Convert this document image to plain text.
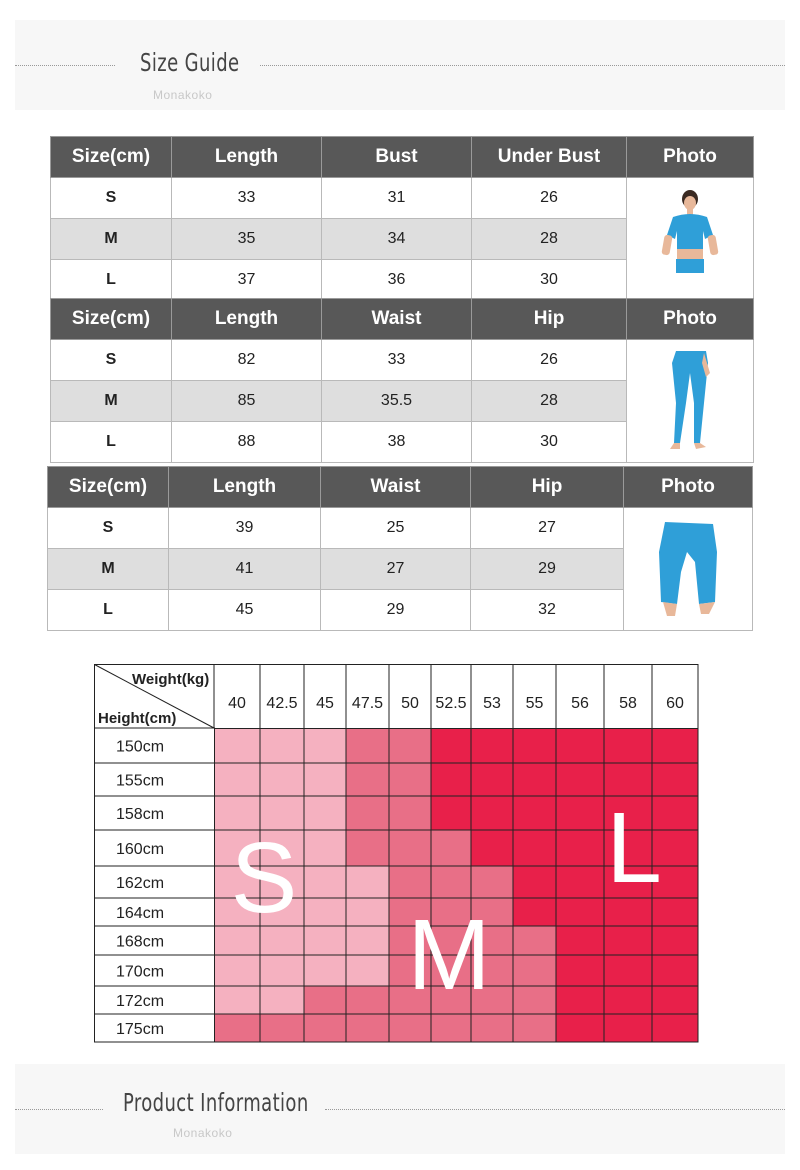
Size Guide
Monakoko
Size(cm)	Length	Bust	Under Bust	Photo
S	33	31	26	
M	35	34	28	
L	37	36	30	
Size(cm)	Length	Waist	Hip	Photo
S	82	33	26	
M	85	35.5	28	
L	88	38	30	
Size(cm)	Length	Waist	Hip	Photo
S	39	25	27	
M	41	27	29	
L	45	29	32	
40 42.5 45 47.5 50 52.5 53 55 56 58 60
150cm
155cm
158cm
160cm
162cm
164cm
168cm
170cm
172cm
175cm
Weight(kg)
Height(cm)
S
M
L
Product Information
Monakoko
